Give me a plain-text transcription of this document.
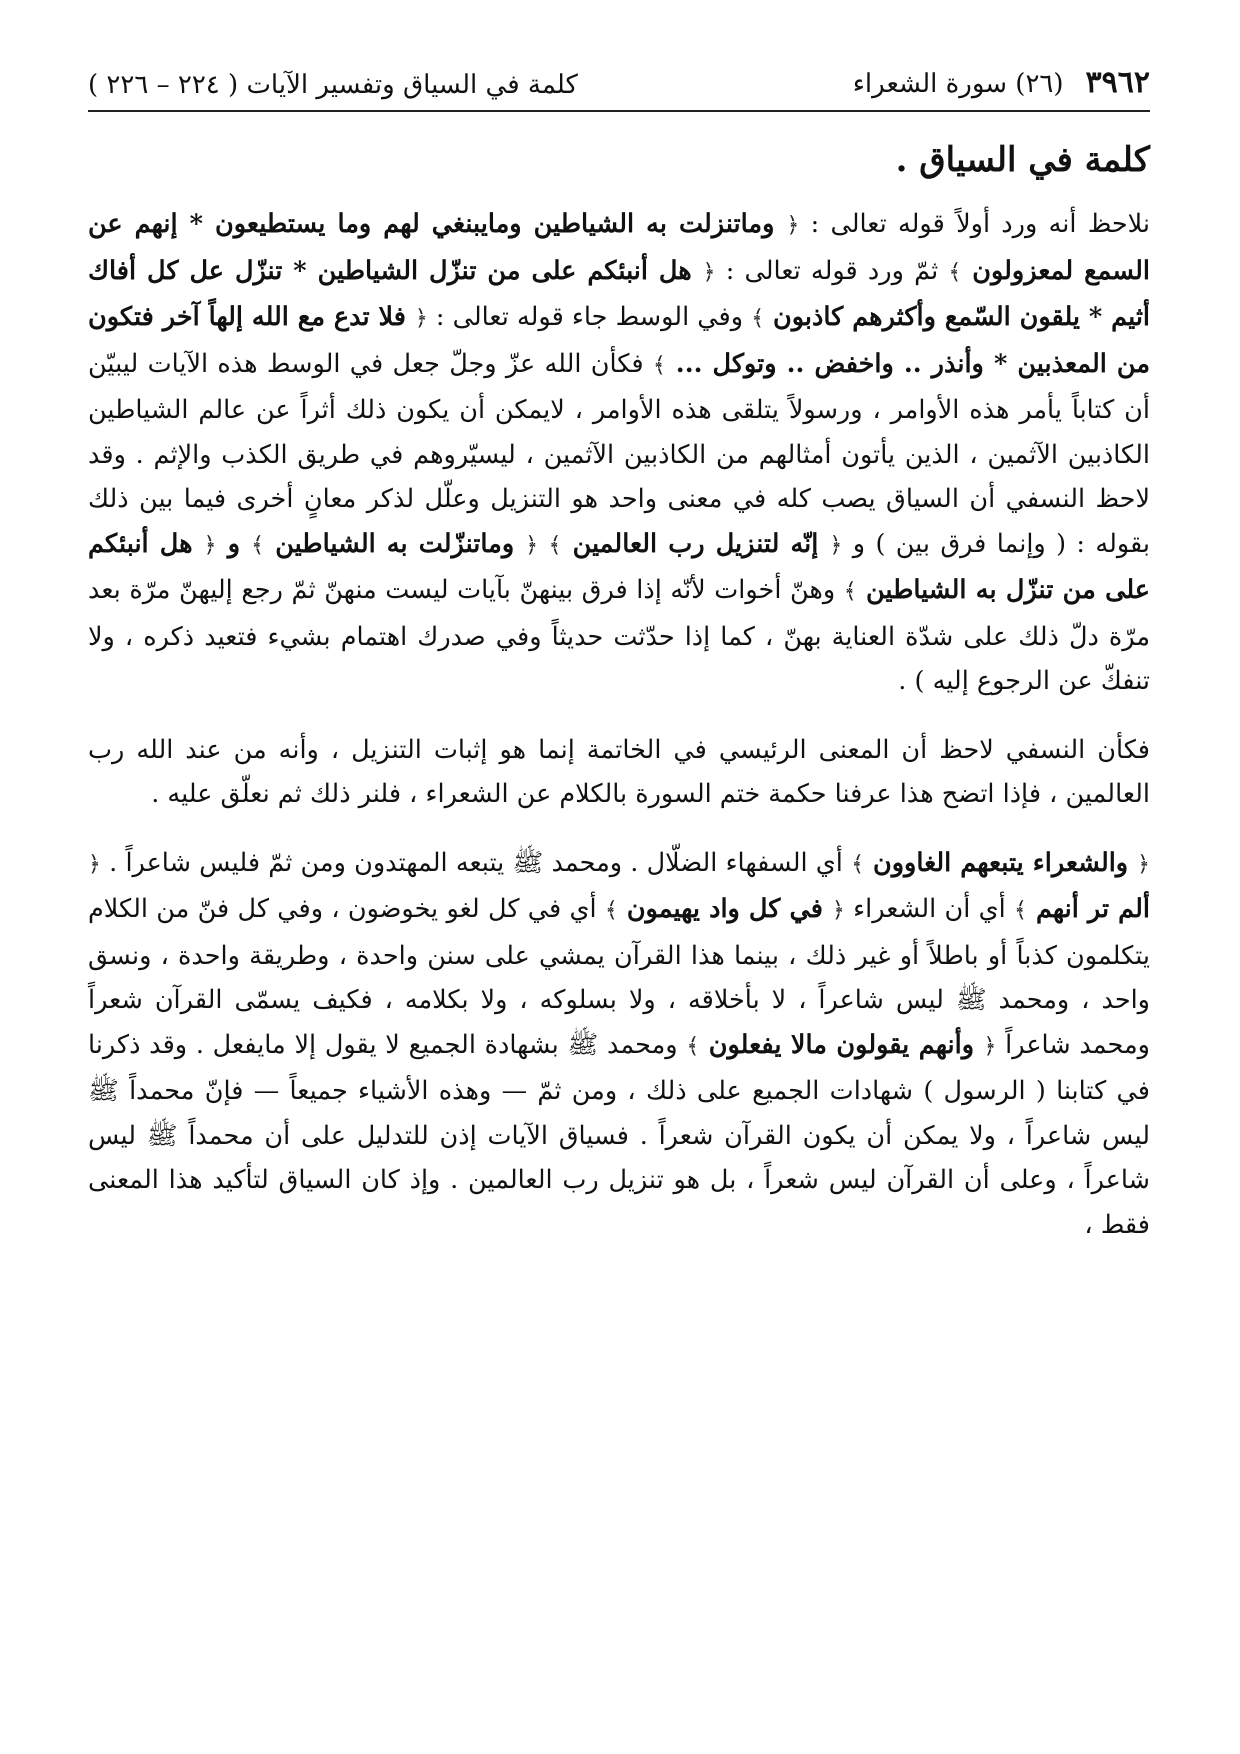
٣٩٦٢
(٢٦) سورة الشعراء
كلمة في السياق وتفسير الآيات ( ٢٢٤ – ٢٢٦ )
كلمة في السياق .

نلاحظ أنه ورد أولاً قوله تعالى : ﴿ وماتنزلت به الشياطين ومايبنغي لهم وما يستطيعون * إنهم عن السمع لمعزولون ﴾ ثمّ ورد قوله تعالى : ﴿ هل أنبئكم على من تنزّل الشياطين * تنزّل عل كل أفاك أثيم * يلقون السّمع وأكثرهم كاذبون ﴾ وفي الوسط جاء قوله تعالى : ﴿ فلا تدع مع الله إلهاً آخر فتكون من المعذبين * وأنذر .. واخفض .. وتوكل ... ﴾ فكأن الله عزّ وجلّ جعل في الوسط هذه الآيات ليبيّن أن كتاباً يأمر هذه الأوامر ، ورسولاً يتلقى هذه الأوامر ، لايمكن أن يكون ذلك أثراً عن عالم الشياطين الكاذبين الآثمين ، الذين يأتون أمثالهم من الكاذبين الآثمين ، ليسيّروهم في طريق الكذب والإثم . وقد لاحظ النسفي أن السياق يصب كله في معنى واحد هو التنزيل وعلّل لذكر معانٍ أخرى فيما بين ذلك بقوله : ( وإنما فرق بين ) و ﴿ إنّه لتنزيل رب العالمين ﴾ ﴿ وماتنزّلت به الشياطين ﴾ و ﴿ هل أنبئكم على من تنزّل به الشياطين ﴾ وهنّ أخوات لأنّه إذا فرق بينهنّ بآيات ليست منهنّ ثمّ رجع إليهنّ مرّة بعد مرّة دلّ ذلك على شدّة العناية بهنّ ، كما إذا حدّثت حديثاً وفي صدرك اهتمام بشيء فتعيد ذكره ، ولا تنفكّ عن الرجوع إليه ) .

فكأن النسفي لاحظ أن المعنى الرئيسي في الخاتمة إنما هو إثبات التنزيل ، وأنه من عند الله رب العالمين ، فإذا اتضح هذا عرفنا حكمة ختم السورة بالكلام عن الشعراء ، فلنر ذلك ثم نعلّق عليه .

﴿ والشعراء يتبعهم الغاوون ﴾ أي السفهاء الضلّال . ومحمد ﷺ يتبعه المهتدون ومن ثمّ فليس شاعراً . ﴿ ألم تر أنهم ﴾ أي أن الشعراء ﴿ في كل واد يهيمون ﴾ أي في كل لغو يخوضون ، وفي كل فنّ من الكلام يتكلمون كذباً أو باطلاً أو غير ذلك ، بينما هذا القرآن يمشي على سنن واحدة ، وطريقة واحدة ، ونسق واحد ، ومحمد ﷺ ليس شاعراً ، لا بأخلاقه ، ولا بسلوكه ، ولا بكلامه ، فكيف يسمّى القرآن شعراً ومحمد شاعراً ﴿ وأنهم يقولون مالا يفعلون ﴾ ومحمد ﷺ بشهادة الجميع لا يقول إلا مايفعل . وقد ذكرنا في كتابنا ( الرسول ) شهادات الجميع على ذلك ، ومن ثمّ — وهذه الأشياء جميعاً — فإنّ محمداً ﷺ ليس شاعراً ، ولا يمكن أن يكون القرآن شعراً . فسياق الآيات إذن للتدليل على أن محمداً ﷺ ليس شاعراً ، وعلى أن القرآن ليس شعراً ، بل هو تنزيل رب العالمين . وإذ كان السياق لتأكيد هذا المعنى فقط ،
